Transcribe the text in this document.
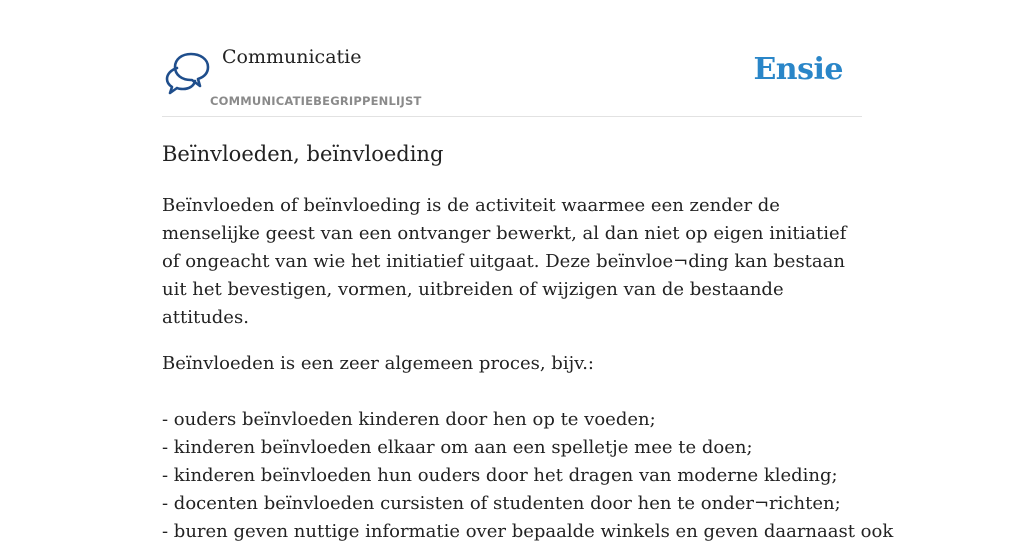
Communicatie
COMMUNICATIEBEGRIPPENLIJST
Ensie
Beïnvloeden, beïnvloeding

Beïnvloeden of beïnvloeding is de activiteit waarmee een zender de menselijke geest van een ontvanger bewerkt, al dan niet op eigen initiatief of ongeacht van wie het initiatief uitgaat. Deze beïnvloe¬ding kan bestaan uit het bevestigen, vormen, uitbreiden of wijzigen van de bestaande attitudes.

Beïnvloeden is een zeer algemeen proces, bijv.:

- ouders beïnvloeden kinderen door hen op te voeden;
- kinderen beïnvloeden elkaar om aan een spelletje mee te doen;
- kinderen beïnvloeden hun ouders door het dragen van moderne kleding;
- docenten beïnvloeden cursisten of studenten door hen te onder¬richten;
- buren geven nuttige informatie over bepaalde winkels en geven daarnaast ook
